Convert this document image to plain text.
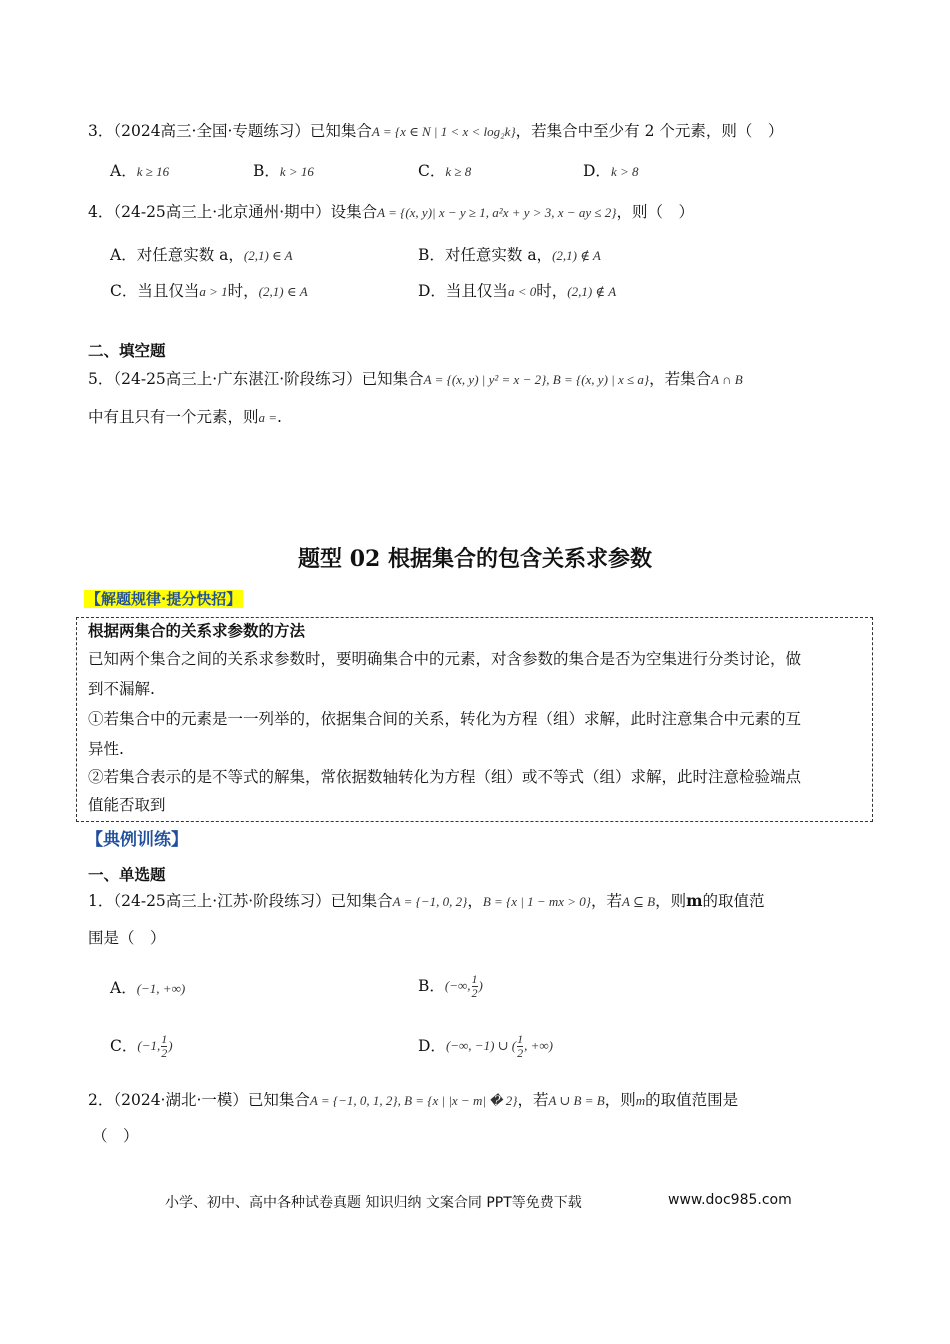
3．（2024高三·全国·专题练习）已知集合A = {x ∈ N | 1 < x < log₂k}，若集合中至少有 2 个元素，则（　）
A．k ≥ 16	B．k > 16	C．k ≥ 8	D．k > 8
4．（24-25高三上·北京通州·期中）设集合A = {(x, y)| x − y ≥ 1, a²x + y > 3, x − ay ≤ 2}，则（　）
A．对任意实数 a，(2,1) ∈ A	B．对任意实数 a，(2,1) ∉ A
C．当且仅当a > 1时，(2,1) ∈ A	D．当且仅当a < 0时，(2,1) ∉ A
二、填空题
5．（24-25高三上·广东湛江·阶段练习）已知集合A = {(x, y) | y² = x − 2}, B = {(x, y) | x ≤ a}，若集合A ∩ B
中有且只有一个元素，则a =.
题型 02 根据集合的包含关系求参数
【解题规律·提分快招】
根据两集合的关系求参数的方法
已知两个集合之间的关系求参数时，要明确集合中的元素，对含参数的集合是否为空集进行分类讨论，做
到不漏解.
①若集合中的元素是一一列举的，依据集合间的关系，转化为方程（组）求解，此时注意集合中元素的互
异性.
②若集合表示的是不等式的解集，常依据数轴转化为方程（组）或不等式（组）求解，此时注意检验端点
值能否取到
【典例训练】
一、单选题
1．（24-25高三上·江苏·阶段练习）已知集合A = {−1, 0, 2}，B = {x | 1 − mx > 0}，若A ⊆ B，则m的取值范
围是（　）
A．(−1, +∞)	B． (−∞, $\frac{1}{2}$ )
C． (−1, $\frac{1}{2}$ )	D． (−∞, −1) ∪ ( $\frac{1}{2}$ , +∞)
2．（2024·湖北·一模）已知集合A = {−1, 0, 1, 2}, B = {x | |x − m| � 2}，若A ∪ B = B，则m的取值范围是
（　）
小学、初中、高中各种试卷真题 知识归纳 文案合同 PPT等免费下载	www.doc985.com
